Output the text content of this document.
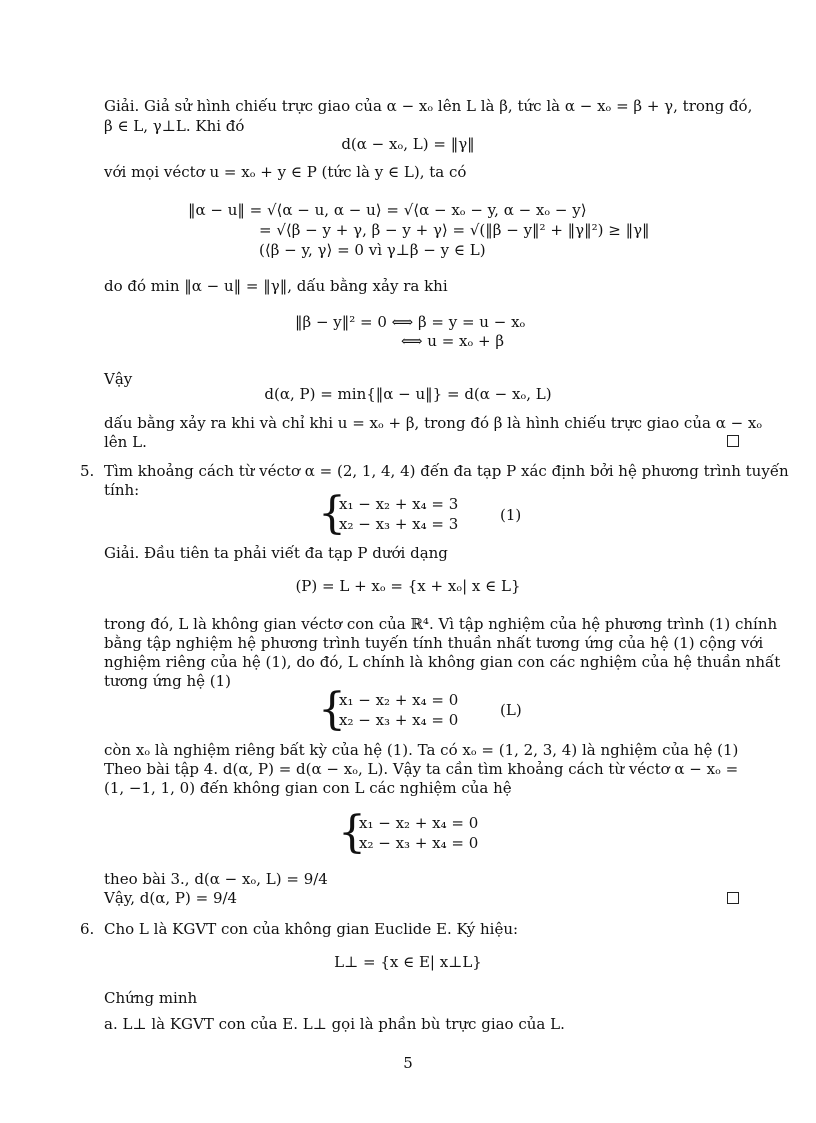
Giải. Giả sử hình chiếu trực giao của α − xₒ lên L là β, tức là α − xₒ = β + γ, trong đó,
β ∈ L, γ⊥L. Khi đó
d(α − xₒ, L) = ‖γ‖
với mọi véctơ u = xₒ + y ∈ P (tức là y ∈ L), ta có
‖α − u‖ = √⟨α − u, α − u⟩ = √⟨α − xₒ − y, α − xₒ − y⟩
= √⟨β − y + γ, β − y + γ⟩ = √(‖β − y‖² + ‖γ‖²) ≥ ‖γ‖
(⟨β − y, γ⟩ = 0 vì γ⊥β − y ∈ L)
do đó min ‖α − u‖ = ‖γ‖, dấu bằng xảy ra khi
‖β − y‖² = 0 ⟺ β = y = u − xₒ
⟺ u = xₒ + β
Vậy
d(α, P) = min{‖α − u‖} = d(α − xₒ, L)
dấu bằng xảy ra khi và chỉ khi u = xₒ + β, trong đó β là hình chiếu trực giao của α − xₒ
lên L.
5. Tìm khoảng cách từ véctơ α = (2, 1, 4, 4) đến đa tạp P xác định bởi hệ phương trình tuyến
tính:	{
x₁ − x₂ + x₄ = 3
x₂ − x₃ + x₄ = 3	(1)
Giải. Đầu tiên ta phải viết đa tạp P dưới dạng
(P) = L + xₒ = {x + xₒ| x ∈ L}
trong đó, L là không gian véctơ con của ℝ⁴. Vì tập nghiệm của hệ phương trình (1) chính
bằng tập nghiệm hệ phương trình tuyến tính thuần nhất tương ứng của hệ (1) cộng với
nghiệm riêng của hệ (1), do đó, L chính là không gian con các nghiệm của hệ thuần nhất
tương ứng hệ (1)
{
x₁ − x₂ + x₄ = 0
x₂ − x₃ + x₄ = 0
(L)
còn xₒ là nghiệm riêng bất kỳ của hệ (1). Ta có xₒ = (1, 2, 3, 4) là nghiệm của hệ (1)
Theo bài tập 4. d(α, P) = d(α − xₒ, L). Vậy ta cần tìm khoảng cách từ véctơ α − xₒ =
(1, −1, 1, 0) đến không gian con L các nghiệm của hệ
{
x₁ − x₂ + x₄ = 0
x₂ − x₃ + x₄ = 0
theo bài 3., d(α − xₒ, L) = 9/4
Vậy, d(α, P) = 9/4
6. Cho L là KGVT con của không gian Euclide E. Ký hiệu:
L⊥ = {x ∈ E| x⊥L}
Chứng minh
a. L⊥ là KGVT con của E. L⊥ gọi là phần bù trực giao của L.
5
